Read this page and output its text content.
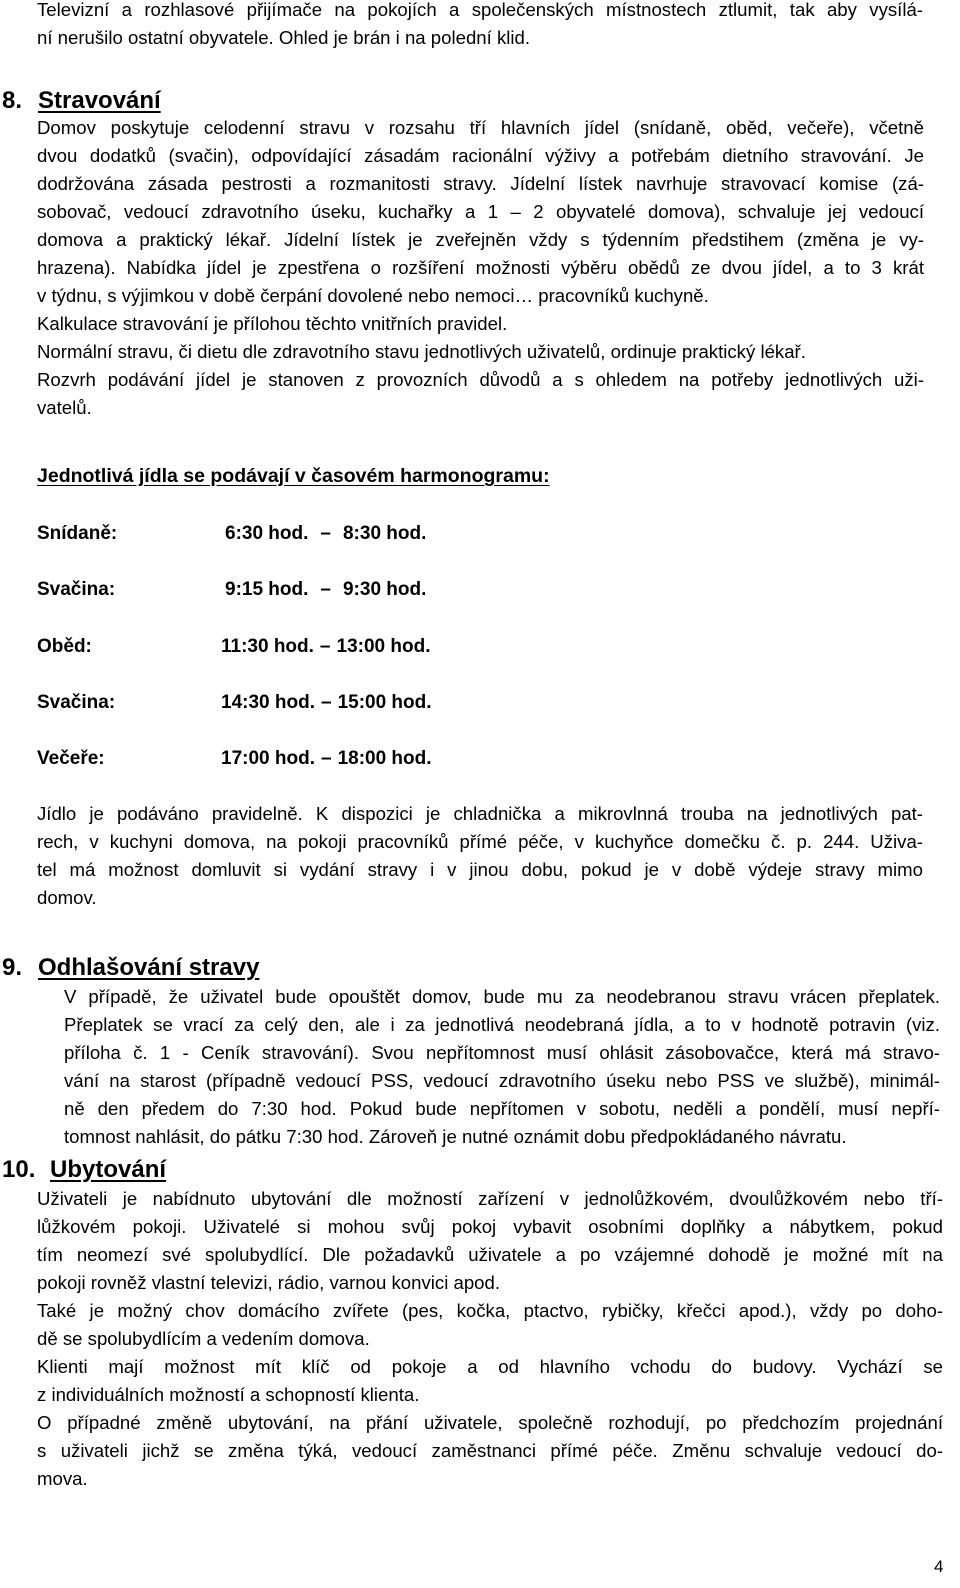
Televizní a rozhlasové přijímače na pokojích a společenských místnostech ztlumit, tak aby vysílá-
ní nerušilo ostatní obyvatele. Ohled je brán i na polední klid.
8. Stravování
Domov poskytuje celodenní stravu v rozsahu tří hlavních jídel (snídaně, oběd, večeře), včetně
dvou dodatků (svačin), odpovídající zásadám racionální výživy a potřebám dietního stravování. Je
dodržována zásada pestrosti a rozmanitosti stravy. Jídelní lístek navrhuje stravovací komise (zá-
sobovač, vedoucí zdravotního úseku, kuchařky a 1 – 2 obyvatelé domova), schvaluje jej vedoucí
domova a praktický lékař. Jídelní lístek je zveřejněn vždy s týdenním předstihem (změna je vy-
hrazena). Nabídka jídel je zpestřena o rozšíření možnosti výběru obědů ze dvou jídel, a to 3 krát
v týdnu, s výjimkou v době čerpání dovolené nebo nemoci… pracovníků kuchyně.
Kalkulace stravování je přílohou těchto vnitřních pravidel.
Normální stravu, či dietu dle zdravotního stavu jednotlivých uživatelů, ordinuje praktický lékař.
Rozvrh podávání jídel je stanoven z provozních důvodů a s ohledem na potřeby jednotlivých uži-
vatelů.
Jednotlivá jídla se podávají v časovém harmonogramu:
Snídaně:	6:30 hod. – 8:30 hod.
Svačina:	9:15 hod. – 9:30 hod.
Oběd:	11:30 hod. – 13:00 hod.
Svačina:	14:30 hod. – 15:00 hod.
Večeře:	17:00 hod. – 18:00 hod.
Jídlo je podáváno pravidelně. K dispozici je chladnička a mikrovlnná trouba na jednotlivých pat-
rech, v kuchyni domova, na pokoji pracovníků přímé péče, v kuchyňce domečku č. p. 244. Uživa-
tel má možnost domluvit si vydání stravy i v jinou dobu, pokud je v době výdeje stravy mimo
domov.
9. Odhlašování stravy
V případě, že uživatel bude opouštět domov, bude mu za neodebranou stravu vrácen přeplatek.
Přeplatek se vrací za celý den, ale i za jednotlivá neodebraná jídla, a to v hodnotě potravin (viz.
příloha č. 1 - Ceník stravování). Svou nepřítomnost musí ohlásit zásobovačce, která má stravo-
vání na starost (případně vedoucí PSS, vedoucí zdravotního úseku nebo PSS ve službě), minimál-
ně den předem do 7:30 hod. Pokud bude nepřítomen v sobotu, neděli a pondělí, musí nepří-
tomnost nahlásit, do pátku 7:30 hod. Zároveň je nutné oznámit dobu předpokládaného návratu.
10. Ubytování
Uživateli je nabídnuto ubytování dle možností zařízení v jednolůžkovém, dvoulůžkovém nebo tří-
lůžkovém pokoji. Uživatelé si mohou svůj pokoj vybavit osobními doplňky a nábytkem, pokud
tím neomezí své spolubydlící. Dle požadavků uživatele a po vzájemné dohodě je možné mít na
pokoji rovněž vlastní televizi, rádio, varnou konvici apod.
Také je možný chov domácího zvířete (pes, kočka, ptactvo, rybičky, křečci apod.), vždy po doho-
dě se spolubydlícím a vedením domova.
Klienti mají možnost mít klíč od pokoje a od hlavního vchodu do budovy. Vychází se
z individuálních možností a schopností klienta.
O případné změně ubytování, na přání uživatele, společně rozhodují, po předchozím projednání
s uživateli jichž se změna týká, vedoucí zaměstnanci přímé péče. Změnu schvaluje vedoucí do-
mova.
4
